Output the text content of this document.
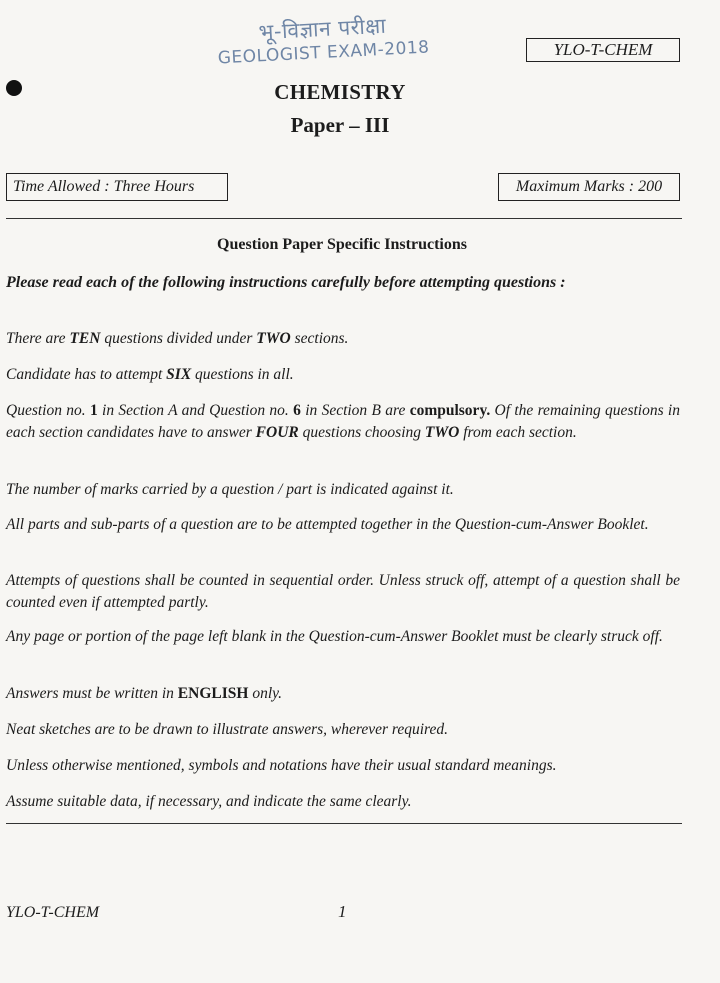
भू-विज्ञान परीक्षा
GEOLOGIST EXAM-2018	YLO-T-CHEM
CHEMISTRY
Paper – III
Time Allowed : Three Hours	Maximum Marks : 200
Question Paper Specific Instructions
Please read each of the following instructions carefully before attempting questions :
There are TEN questions divided under TWO sections.
Candidate has to attempt SIX questions in all.
Question no. 1 in Section A and Question no. 6 in Section B are compulsory. Of the remaining questions in each section candidates have to answer FOUR questions choosing TWO from each section.
The number of marks carried by a question / part is indicated against it.
All parts and sub-parts of a question are to be attempted together in the Question-cum-Answer Booklet.
Attempts of questions shall be counted in sequential order. Unless struck off, attempt of a question shall be counted even if attempted partly.
Any page or portion of the page left blank in the Question-cum-Answer Booklet must be clearly struck off.
Answers must be written in ENGLISH only.
Neat sketches are to be drawn to illustrate answers, wherever required.
Unless otherwise mentioned, symbols and notations have their usual standard meanings.
Assume suitable data, if necessary, and indicate the same clearly.
YLO-T-CHEM	1
